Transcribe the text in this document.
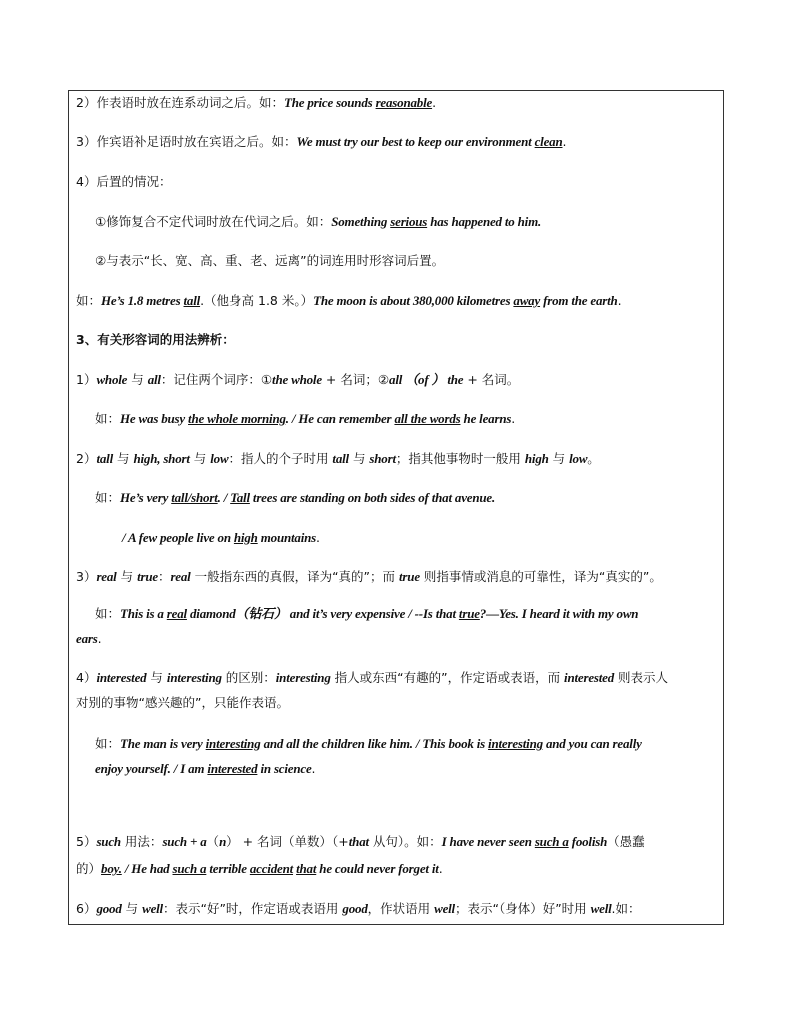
2）作表语时放在连系动词之后。如：The price sounds reasonable.
3）作宾语补足语时放在宾语之后。如：We must try our best to keep our environment clean.
4）后置的情况：
①修饰复合不定代词时放在代词之后。如：Something serious has happened to him.
②与表示“长、宽、高、重、老、远离”的词连用时形容词后置。
如：He’s 1.8 metres tall.（他身高 1.8 米。）The moon is about 380,000 kilometres away from the earth.
3、有关形容词的用法辨析：
1）whole 与 all：记住两个词序：①the whole + 名词；②all （of ） the + 名词。
如：He was busy the whole morning. / He can remember all the words he learns.
2）tall 与 high, short 与 low：指人的个子时用 tall 与 short；指其他事物时一般用 high 与 low。
如：He’s very tall/short. / Tall trees are standing on both sides of that avenue.
/ A few people live on high mountains.
3）real 与 true：real 一般指东西的真假，译为“真的”；而 true 则指事情或消息的可靠性，译为“真实的”。
如：This is a real diamond（钻石） and it’s very expensive / --Is that true?—Yes. I heard it with my own
ears.
4）interested 与 interesting 的区别：interesting 指人或东西“有趣的”，作定语或表语，而 interested 则表示人
对别的事物“感兴趣的”，只能作表语。
如：The man is very interesting and all the children like him. / This book is interesting and you can really
enjoy yourself. / I am interested in science.
5）such 用法：such + a（n） + 名词（单数）（+that 从句）。如：I have never seen such a foolish（愚蠢
的）boy. / He had such a terrible accident that he could never forget it.
6）good 与 well：表示“好”时，作定语或表语用 good，作状语用 well；表示“（身体）好”时用 well.如：
